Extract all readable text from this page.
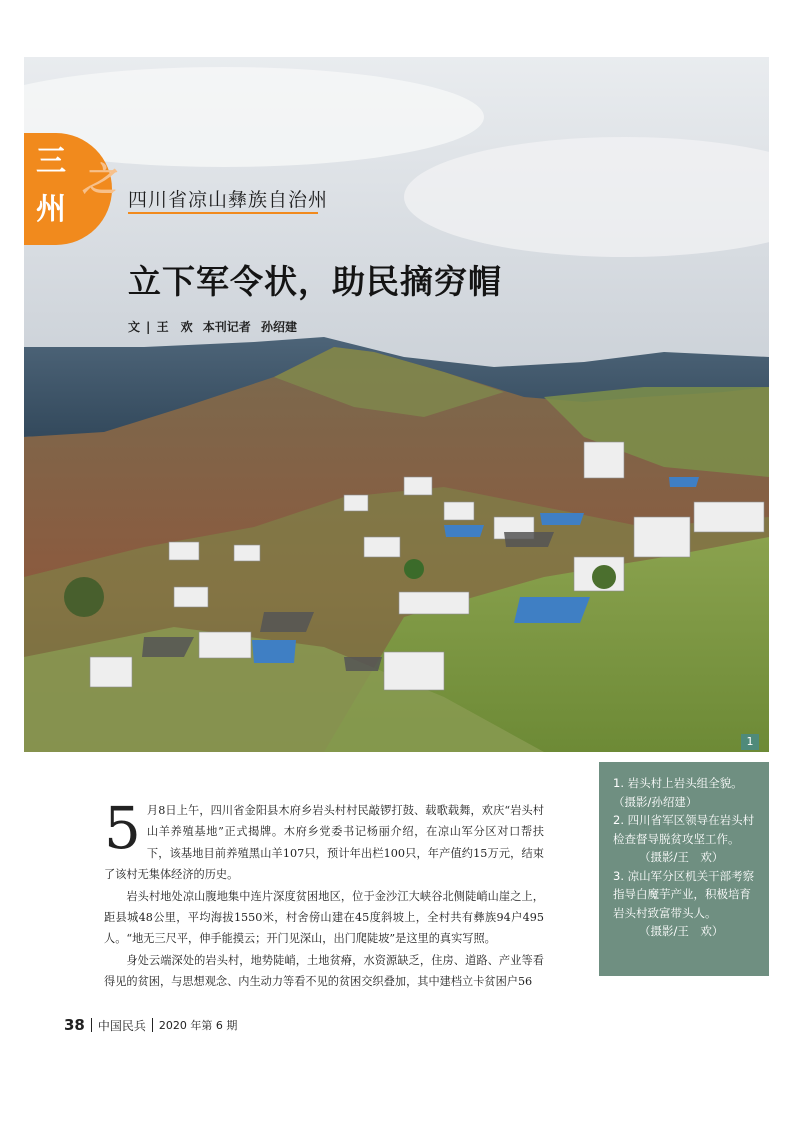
三 之
州	四川省凉山彝族自治州
立下军令状，助民摘穷帽
文 | 王　欢 本刊记者 孙绍建
1

5 月8日上午，四川省金阳县木府乡岩头村村民敲锣打鼓、载歌载舞，欢庆“岩头村山羊养殖基地”正式揭牌。木府乡党委书记杨丽介绍，在凉山军分区对口帮扶下，该基地目前养殖黑山羊107只，预计年出栏100只，年产值约15万元，结束了该村无集体经济的历史。

岩头村地处凉山腹地集中连片深度贫困地区，位于金沙江大峡谷北侧陡峭山崖之上，距县城48公里，平均海拔1550米，村舍傍山建在45度斜坡上，全村共有彝族94户495人。“地无三尺平，伸手能摸云；开门见深山，出门爬陡坡”是这里的真实写照。

身处云端深处的岩头村，地势陡峭，土地贫瘠，水资源缺乏，住房、道路、产业等看得见的贫困，与思想观念、内生动力等看不见的贫困交织叠加，其中建档立卡贫困户56

1. 岩头村上岩头组全貌。（摄影/孙绍建）

2. 四川省军区领导在岩头村检查督导脱贫攻坚工作。

（摄影/王　欢）

3. 凉山军分区机关干部考察指导白魔芋产业，积极培育岩头村致富带头人。

（摄影/王　欢）

38 中国民兵 2020 年第 6 期
